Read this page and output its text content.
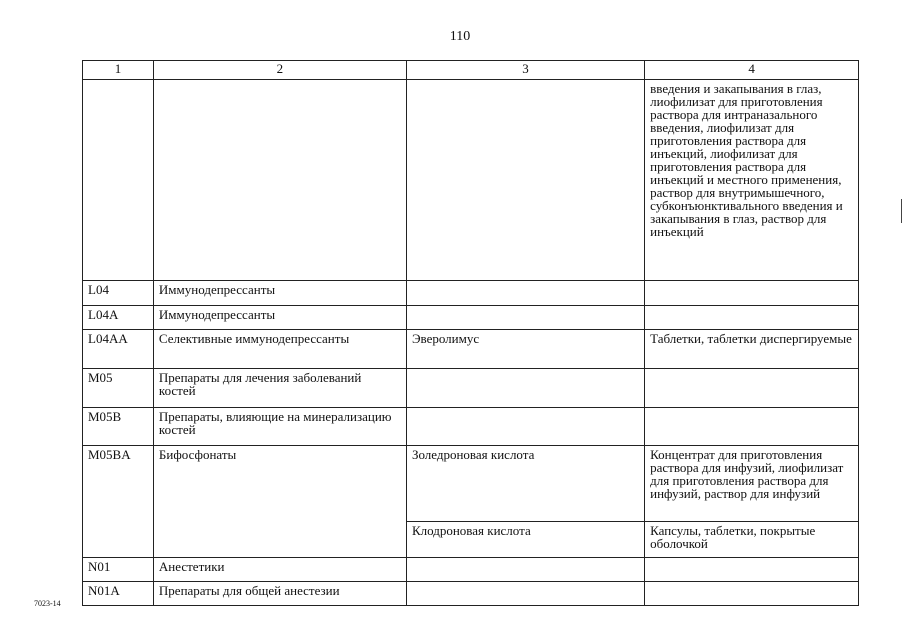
110
1	2	3	4
			введения и закапывания в глаз, лиофилизат для приготовления раствора для интраназального введения, лиофилизат для приготовления раствора для инъекций, лиофилизат для приготовления раствора для инъекций и местного применения, раствор для внутримышечного, субконъюнктивального введения и закапывания в глаз, раствор для инъекций
L04	Иммунодепрессанты		
L04A	Иммунодепрессанты		
L04AA	Селективные иммунодепрессанты	Эверолимус	Таблетки, таблетки диспергируемые
M05	Препараты для лечения заболеваний костей		
M05B	Препараты, влияющие на минерализацию костей		
M05BA	Бифосфонаты	Золедроновая кислота	Концентрат для приготовления раствора для инфузий, лиофилизат для приготовления раствора для инфузий, раствор для инфузий
		Клодроновая кислота	Капсулы, таблетки, покрытые оболочкой
N01	Анестетики		
N01A	Препараты для общей анестезии		
7023-14
